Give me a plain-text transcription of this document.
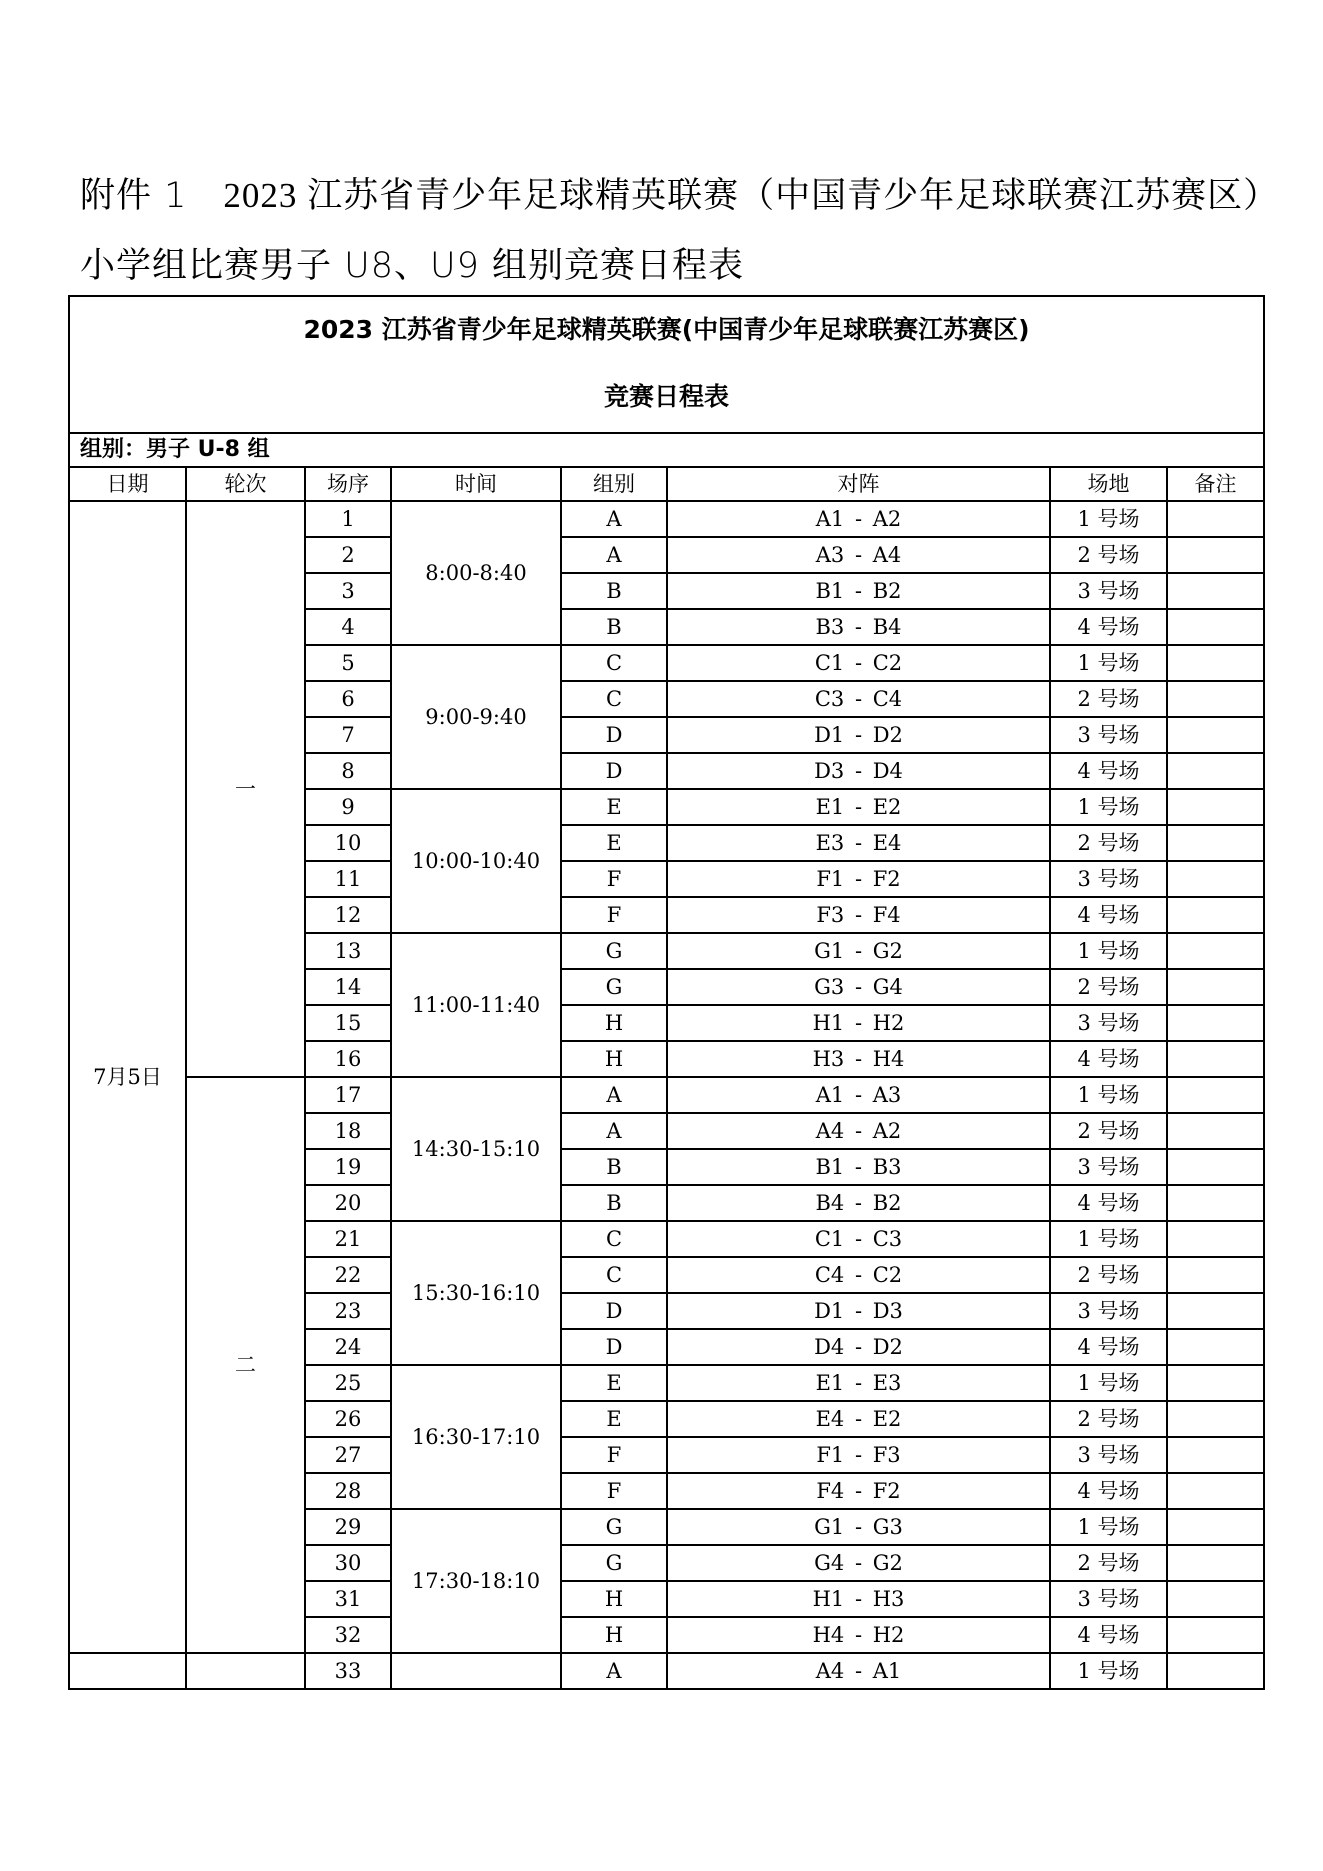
附件 1 2023 江苏省青少年足球精英联赛（中国青少年足球联赛江苏赛区）
小学组比赛男子 U8、U9 组别竞赛日程表
2023 江苏省青少年足球精英联赛(中国青少年足球联赛江苏赛区)							
竞赛日程表							
组别：男子 U-8 组							
日期	轮次	场序	时间	组别	对阵	场地	备注
7月5日	一	1	8:00-8:40	A	A1 - A2	1 号场	
		2		A	A3 - A4	2 号场	
		3		B	B1 - B2	3 号场	
		4		B	B3 - B4	4 号场	
		5	9:00-9:40	C	C1 - C2	1 号场	
		6		C	C3 - C4	2 号场	
		7		D	D1 - D2	3 号场	
		8		D	D3 - D4	4 号场	
		9	10:00-10:40	E	E1 - E2	1 号场	
		10		E	E3 - E4	2 号场	
		11		F	F1 - F2	3 号场	
		12		F	F3 - F4	4 号场	
		13	11:00-11:40	G	G1 - G2	1 号场	
		14		G	G3 - G4	2 号场	
		15		H	H1 - H2	3 号场	
		16		H	H3 - H4	4 号场	
	二	17	14:30-15:10	A	A1 - A3	1 号场	
		18		A	A4 - A2	2 号场	
		19		B	B1 - B3	3 号场	
		20		B	B4 - B2	4 号场	
		21	15:30-16:10	C	C1 - C3	1 号场	
		22		C	C4 - C2	2 号场	
		23		D	D1 - D3	3 号场	
		24		D	D4 - D2	4 号场	
		25	16:30-17:10	E	E1 - E3	1 号场	
		26		E	E4 - E2	2 号场	
		27		F	F1 - F3	3 号场	
		28		F	F4 - F2	4 号场	
		29	17:30-18:10	G	G1 - G3	1 号场	
		30		G	G4 - G2	2 号场	
		31		H	H1 - H3	3 号场	
		32		H	H4 - H2	4 号场	
		33		A	A4 - A1	1 号场	
